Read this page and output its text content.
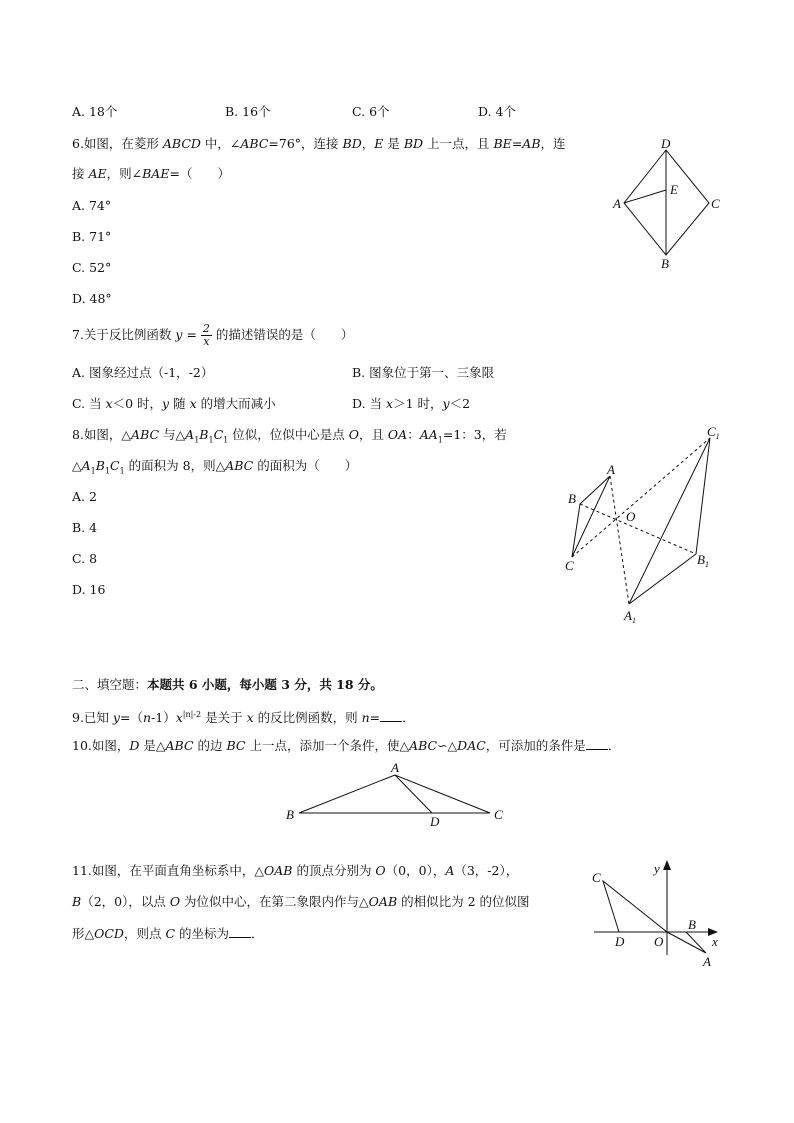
A. 18个	B. 16个	C. 6个	D. 4个
6.如图，在菱形 ABCD 中，∠ABC=76°，连接 BD，E 是 BD 上一点，且 BE=AB，连
接 AE，则∠BAE=（　　）
A. 74°
B. 71°
C. 52°
D. 48°
D
E
A	C
B
7.关于反比例函数 $y = \frac{2}{x}$ 的描述错误的是（　　）
A. 图象经过点（-1，-2）	B. 图象位于第一、三象限
C. 当 x＜0 时，y 随 x 的增大而减小	D. 当 x＞1 时，y＜2
8.如图，△ABC 与$\triangle A_1B_1C_1$ 位似，位似中心是点 O，且 OA：$AA_1=1$：3，若
$\triangle A_1B_1C_1$ 的面积为 8，则△ABC 的面积为（　　）
A. 2
B. 4
C. 8
D. 16
A
B
C
O
$C_1$
$B_1$
$A_1$
二、填空题：本题共 6 小题，每小题 3 分，共 18 分。
9.已知 $y=(n-1)x^{|n|-2}$ 是关于 x 的反比例函数，则 n= ．
10.如图，D 是△ABC 的边 BC 上一点，添加一个条件，使△ABC∽△DAC，可添加的条件是 ．
A
B	C
D
11.如图，在平面直角坐标系中，△OAB 的顶点分别为 O（0，0），A（3，-2），
B（2，0），以点 O 为位似中心，在第二象限内作与△OAB 的相似比为 2 的位似图
形△OCD，则点 C 的坐标为 ．
y
x
C
D O
B
A
